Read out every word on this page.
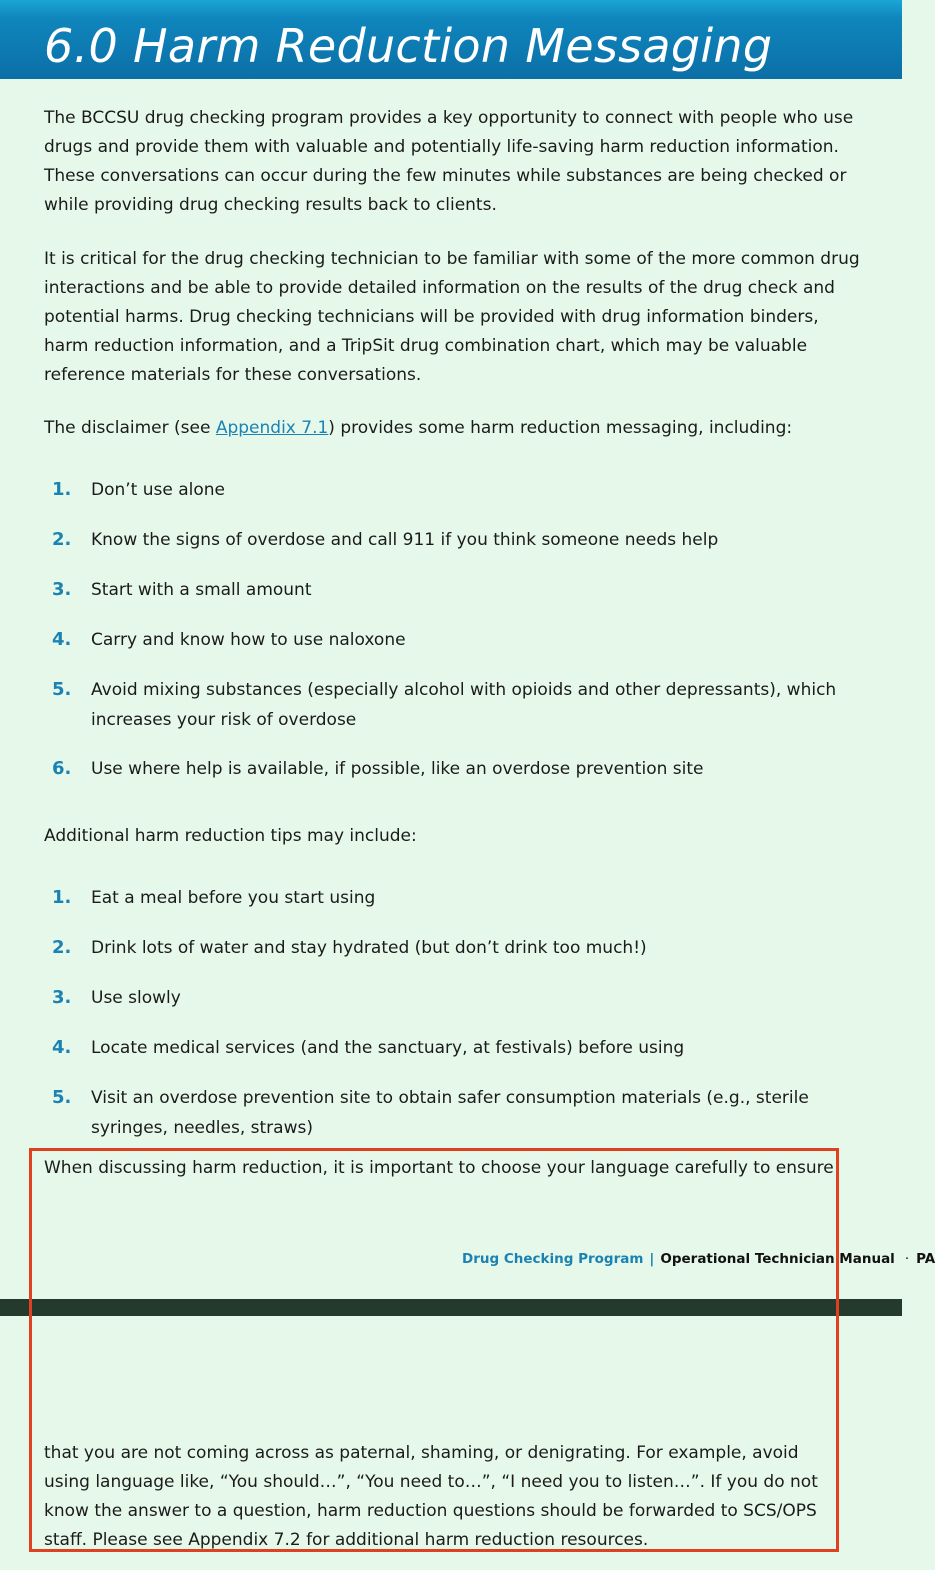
6.0 Harm Reduction Messaging

The BCCSU drug checking program provides a key opportunity to connect with people who use drugs and provide them with valuable and potentially life-saving harm reduction information. These conversations can occur during the few minutes while substances are being checked or while providing drug checking results back to clients.

It is critical for the drug checking technician to be familiar with some of the more common drug interactions and be able to provide detailed information on the results of the drug check and potential harms. Drug checking technicians will be provided with drug information binders, harm reduction information, and a TripSit drug combination chart, which may be valuable reference materials for these conversations.

The disclaimer (see Appendix 7.1) provides some harm reduction messaging, including:

1. Don’t use alone
2. Know the signs of overdose and call 911 if you think someone needs help
3. Start with a small amount
4. Carry and know how to use naloxone
5. Avoid mixing substances (especially alcohol with opioids and other depressants), which increases your risk of overdose
6. Use where help is available, if possible, like an overdose prevention site

Additional harm reduction tips may include:

1. Eat a meal before you start using
2. Drink lots of water and stay hydrated (but don’t drink too much!)
3. Use slowly
4. Locate medical services (and the sanctuary, at festivals) before using
5. Visit an overdose prevention site to obtain safer consumption materials (e.g., sterile syringes, needles, straws)

When discussing harm reduction, it is important to choose your language carefully to ensure

Drug Checking Program | Operational Technician Manual · PA

that you are not coming across as paternal, shaming, or denigrating. For example, avoid using language like, “You should…”, “You need to…”, “I need you to listen…”. If you do not know the answer to a question, harm reduction questions should be forwarded to SCS/OPS staff. Please see Appendix 7.2 for additional harm reduction resources.
